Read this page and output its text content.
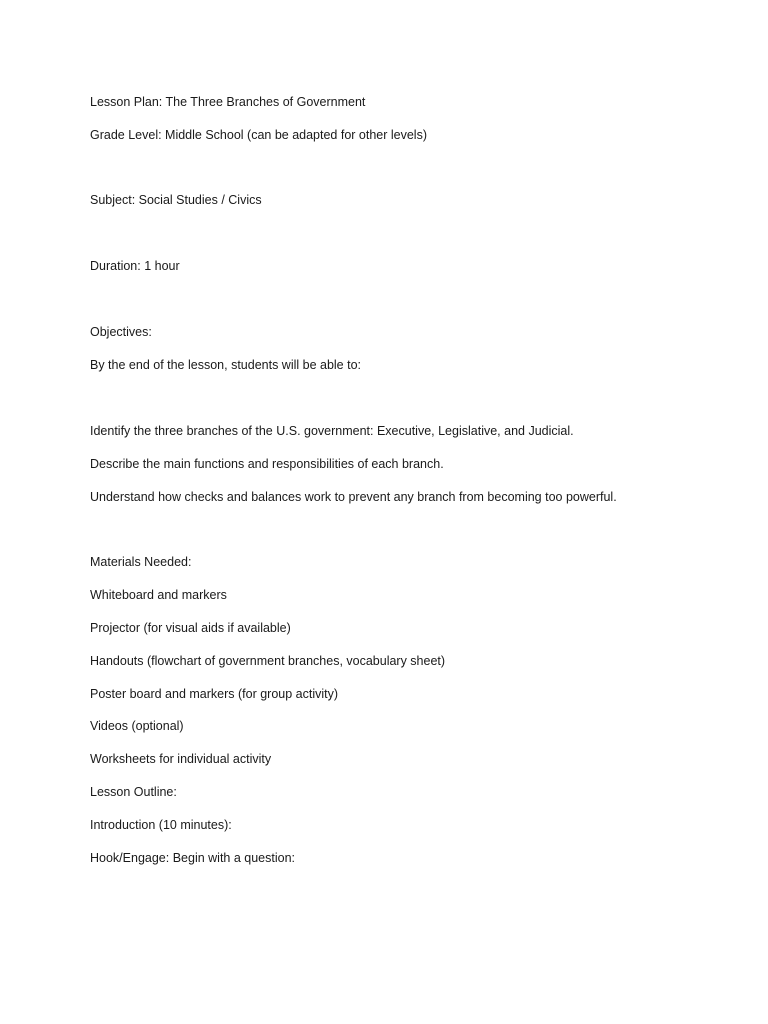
Lesson Plan: The Three Branches of Government
Grade Level: Middle School (can be adapted for other levels)
Subject: Social Studies / Civics
Duration: 1 hour
Objectives:
By the end of the lesson, students will be able to:
Identify the three branches of the U.S. government: Executive, Legislative, and Judicial.
Describe the main functions and responsibilities of each branch.
Understand how checks and balances work to prevent any branch from becoming too powerful.
Materials Needed:
Whiteboard and markers
Projector (for visual aids if available)
Handouts (flowchart of government branches, vocabulary sheet)
Poster board and markers (for group activity)
Videos (optional)
Worksheets for individual activity
Lesson Outline:
Introduction (10 minutes):
Hook/Engage: Begin with a question:
